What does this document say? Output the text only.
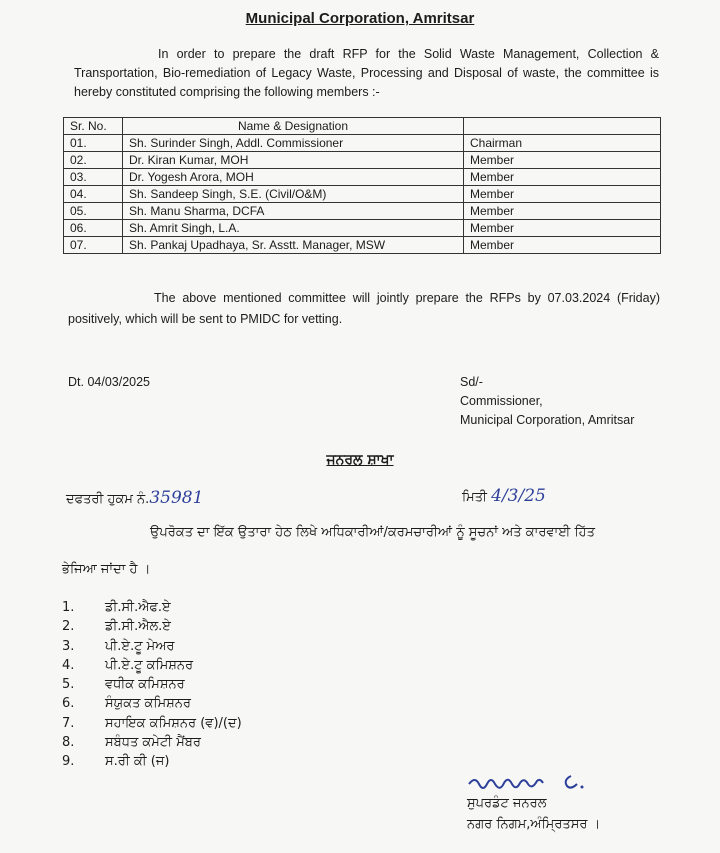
Municipal Corporation, Amritsar
In order to prepare the draft RFP for the Solid Waste Management, Collection & Transportation, Bio-remediation of Legacy Waste, Processing and Disposal of waste, the committee is hereby constituted comprising the following members :-
Sr. No.	Name & Designation	
01.	Sh. Surinder Singh, Addl. Commissioner	Chairman
02.	Dr. Kiran Kumar, MOH	Member
03.	Dr. Yogesh Arora, MOH	Member
04.	Sh. Sandeep Singh, S.E. (Civil/O&M)	Member
05.	Sh. Manu Sharma, DCFA	Member
06.	Sh. Amrit Singh, L.A.	Member
07.	Sh. Pankaj Upadhaya, Sr. Asstt. Manager, MSW	Member
The above mentioned committee will jointly prepare the RFPs by 07.03.2024 (Friday) positively, which will be sent to PMIDC for vetting.
Dt. 04/03/2025	Sd/-
Commissioner,
Municipal Corporation, Amritsar
ਜਨਰਲ ਸ਼ਾਖਾ
ਦਫਤਰੀ ਹੁਕਮ ਨੰ.35981	ਮਿਤੀ 4/3/25
ਉਪਰੋਕਤ ਦਾ ਇੱਕ ਉਤਾਰਾ ਹੇਠ ਲਿਖੇ ਅਧਿਕਾਰੀਆਂ/ਕਰਮਚਾਰੀਆਂ ਨੂੰ ਸੂਚਨਾਂ ਅਤੇ ਕਾਰਵਾਈ ਹਿੱਤ
ਭੇਜਿਆ ਜਾਂਦਾ ਹੈ ।
1.	ਡੀ.ਸੀ.ਐਫ.ਏ
2.	ਡੀ.ਸੀ.ਐਲ.ਏ
3.	ਪੀ.ਏ.ਟੂ ਮੇਅਰ
4.	ਪੀ.ਏ.ਟੂ ਕਮਿਸ਼ਨਰ
5.	ਵਧੀਕ ਕਮਿਸ਼ਨਰ
6.	ਸੰਯੁਕਤ ਕਮਿਸ਼ਨਰ
7.	ਸਹਾਇਕ ਕਮਿਸ਼ਨਰ (ਵ)/(ਦ)
8.	ਸਬੰਧਤ ਕਮੇਟੀ ਮੈਂਬਰ
9.	ਸ.ਰੀ ਕੀ (ਜ)
ਸੁਪਰਡੰਟ ਜਨਰਲ
ਨਗਰ ਨਿਗਮ,ਅੰਮ੍ਰਿਤਸਰ ।
